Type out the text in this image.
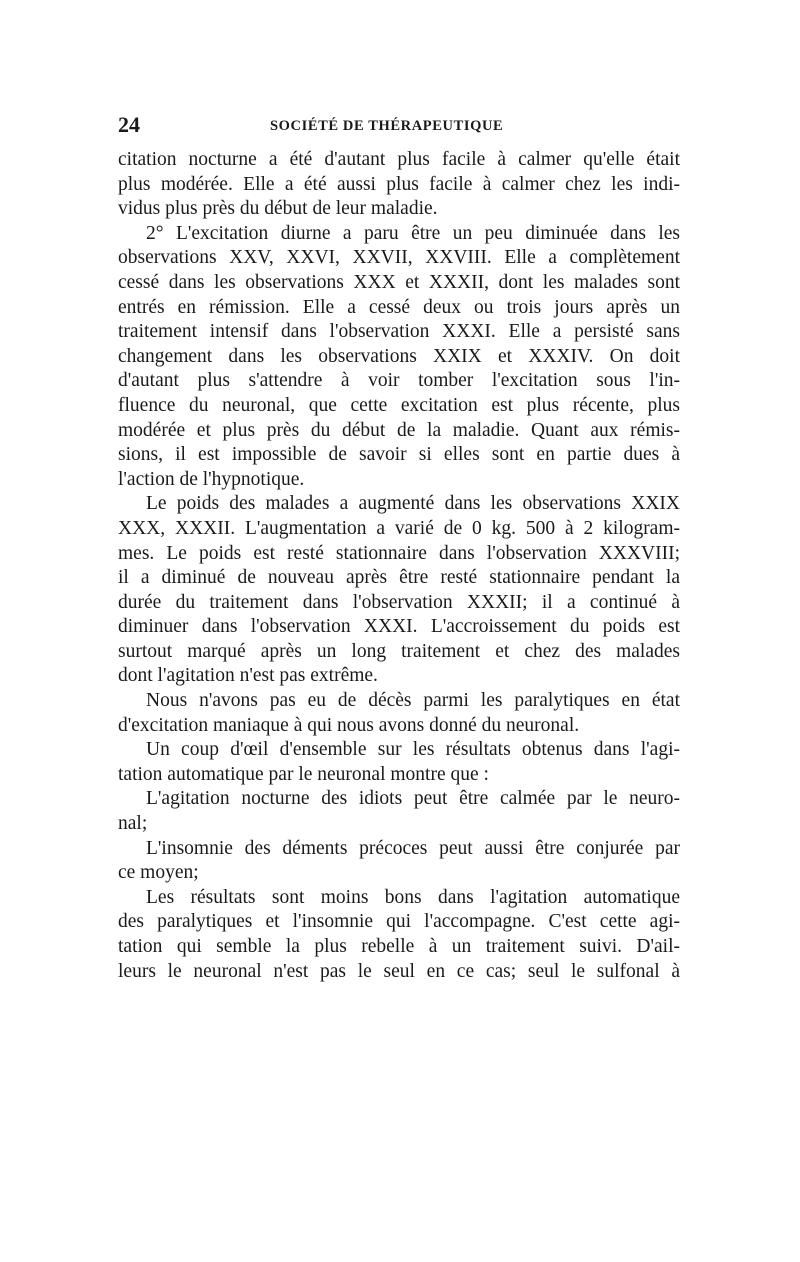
24	SOCIÉTÉ DE THÉRAPEUTIQUE
citation nocturne a été d'autant plus facile à calmer qu'elle était
plus modérée. Elle a été aussi plus facile à calmer chez les indi-
vidus plus près du début de leur maladie.
2° L'excitation diurne a paru être un peu diminuée dans les
observations XXV, XXVI, XXVII, XXVIII. Elle a complètement
cessé dans les observations XXX et XXXII, dont les malades sont
entrés en rémission. Elle a cessé deux ou trois jours après un
traitement intensif dans l'observation XXXI. Elle a persisté sans
changement dans les observations XXIX et XXXIV. On doit
d'autant plus s'attendre à voir tomber l'excitation sous l'in-
fluence du neuronal, que cette excitation est plus récente, plus
modérée et plus près du début de la maladie. Quant aux rémis-
sions, il est impossible de savoir si elles sont en partie dues à
l'action de l'hypnotique.
Le poids des malades a augmenté dans les observations XXIX
XXX, XXXII. L'augmentation a varié de 0 kg. 500 à 2 kilogram-
mes. Le poids est resté stationnaire dans l'observation XXXVIII;
il a diminué de nouveau après être resté stationnaire pendant la
durée du traitement dans l'observation XXXII; il a continué à
diminuer dans l'observation XXXI. L'accroissement du poids est
surtout marqué après un long traitement et chez des malades
dont l'agitation n'est pas extrême.
Nous n'avons pas eu de décès parmi les paralytiques en état
d'excitation maniaque à qui nous avons donné du neuronal.
Un coup d'œil d'ensemble sur les résultats obtenus dans l'agi-
tation automatique par le neuronal montre que :
L'agitation nocturne des idiots peut être calmée par le neuro-
nal;
L'insomnie des déments précoces peut aussi être conjurée par
ce moyen;
Les résultats sont moins bons dans l'agitation automatique
des paralytiques et l'insomnie qui l'accompagne. C'est cette agi-
tation qui semble la plus rebelle à un traitement suivi. D'ail-
leurs le neuronal n'est pas le seul en ce cas; seul le sulfonal à
